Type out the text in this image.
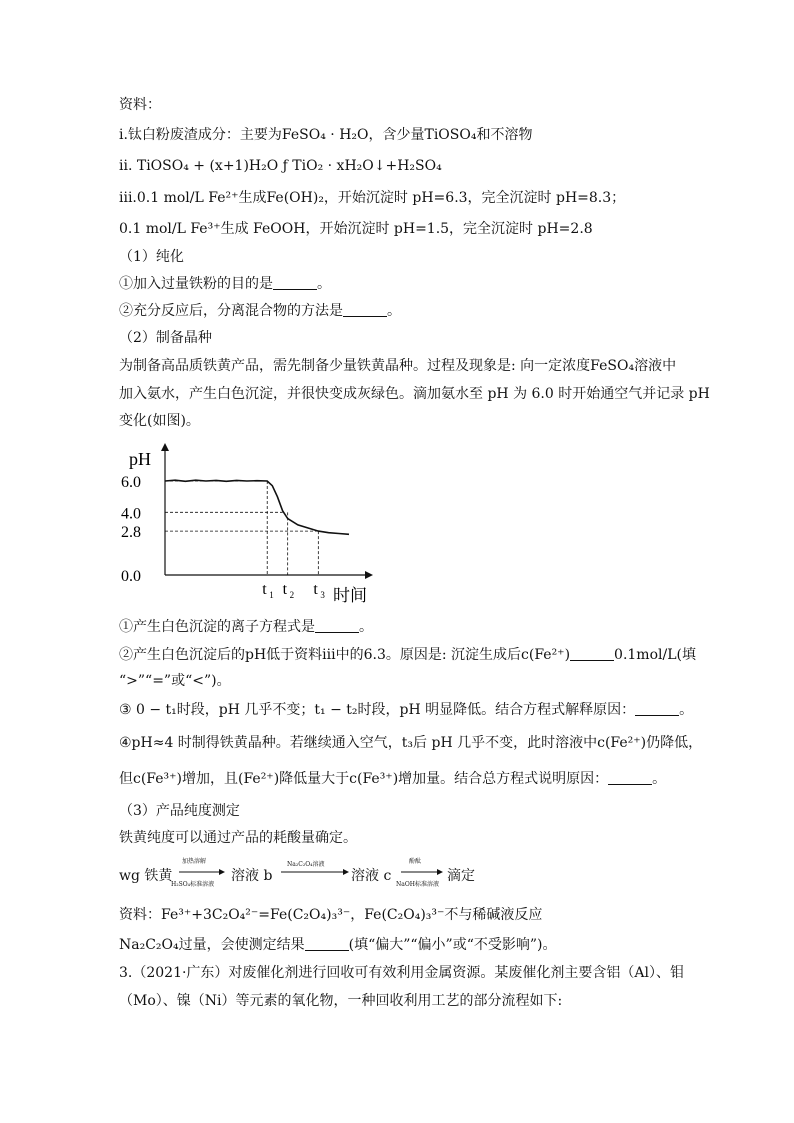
资料：
i.钛白粉废渣成分：主要为FeSO₄ · H₂O，含少量TiOSO₄和不溶物
ii. TiOSO₄ + (x+1)H₂O ƒ TiO₂ · xH₂O↓+H₂SO₄
iii.0.1 mol/L Fe²⁺生成Fe(OH)₂，开始沉淀时 pH=6.3，完全沉淀时 pH=8.3；
0.1 mol/L Fe³⁺生成 FeOOH，开始沉淀时 pH=1.5，完全沉淀时 pH=2.8
（1）纯化
①加入过量铁粉的目的是	。
②充分反应后，分离混合物的方法是	。
（2）制备晶种
为制备高品质铁黄产品，需先制备少量铁黄晶种。过程及现象是: 向一定浓度FeSO₄溶液中
加入氨水，产生白色沉淀，并很快变成灰绿色。滴加氨水至 pH 为 6.0 时开始通空气并记录 pH
变化(如图)。
pH
时间
6.0
4.0
2.8
0.0
t 1 t 2 t 3
①产生白色沉淀的离子方程式是	。
②产生白色沉淀后的pH低于资料iii中的6.3。原因是: 沉淀生成后c(Fe²⁺)	0.1mol/L(填
“>”“=”或“<”)。
③ 0 − t₁时段，pH 几乎不变；t₁ − t₂时段，pH 明显降低。结合方程式解释原因：	。
④pH≈4 时制得铁黄晶种。若继续通入空气，t₃后 pH 几乎不变，此时溶液中c(Fe²⁺)仍降低，
但c(Fe³⁺)增加，且(Fe²⁺)降低量大于c(Fe³⁺)增加量。结合总方程式说明原因：	。
（3）产品纯度测定
铁黄纯度可以通过产品的耗酸量确定。
wg 铁黄
加热溶解
H₂SO₄标准溶液
溶液 b
Na₂C₂O₄溶液
溶液 c
酚酞
NaOH标准溶液
滴定
资料：Fe³⁺+3C₂O₄²⁻=Fe(C₂O₄)₃³⁻，Fe(C₂O₄)₃³⁻不与稀碱液反应
Na₂C₂O₄过量，会使测定结果	(填“偏大”“偏小”或“不受影响”)。
3.（2021·广东）对废催化剂进行回收可有效利用金属资源。某废催化剂主要含铝（Al）、钼
（Mo）、镍（Ni）等元素的氧化物，一种回收利用工艺的部分流程如下:
